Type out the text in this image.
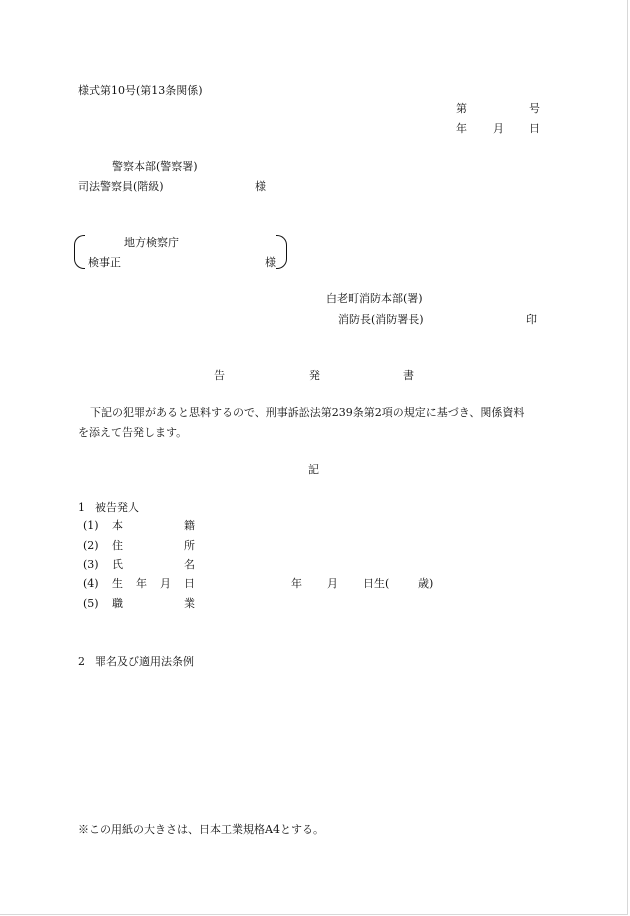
様式第10号(第13条関係)
第	号
年 月 日
警察本部(警察署)
司法警察員(階級)	様
地方検察庁
検事正	様
白老町消防本部(署)
消防長(消防署長)	印
告	発	書
下記の犯罪があると思料するので、刑事訴訟法第239条第2項の規定に基づき、関係資料
を添えて告発します。
記
1 被告発人
(1) 本	籍
(2) 住	所
(3) 氏	名
(4) 生 年 月 日	年 月 日生(	歳)
(5) 職	業
2 罪名及び適用法条例
※この用紙の大きさは、日本工業規格A4とする。
